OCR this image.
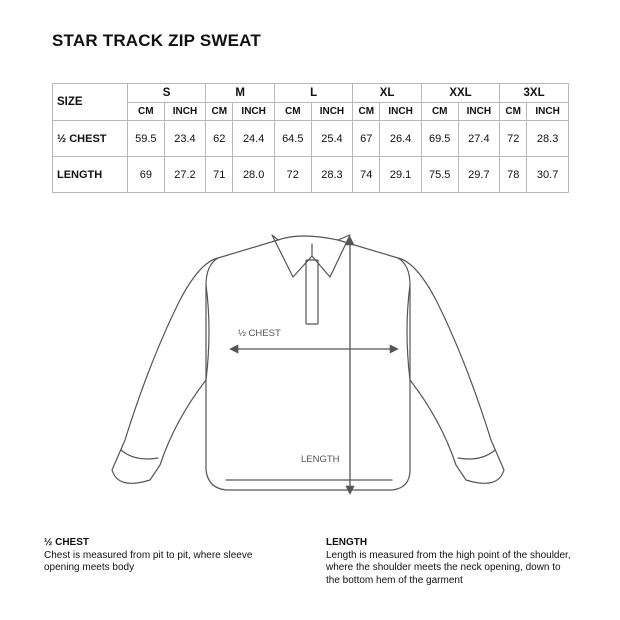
STAR TRACK ZIP SWEAT
SIZE	S		M		L		XL		XXL		3XL	
	CM	INCH	CM	INCH	CM	INCH	CM	INCH	CM	INCH	CM	INCH
½ CHEST	59.5	23.4	62	24.4	64.5	25.4	67	26.4	69.5	27.4	72	28.3
LENGTH	69	27.2	71	28.0	72	28.3	74	29.1	75.5	29.7	78	30.7
½ CHEST
LENGTH
½ CHEST

Chest is measured from pit to pit, where sleeve opening meets body

LENGTH

Length is measured from the high point of the shoulder, where the shoulder meets the neck opening, down to the bottom hem of the garment
